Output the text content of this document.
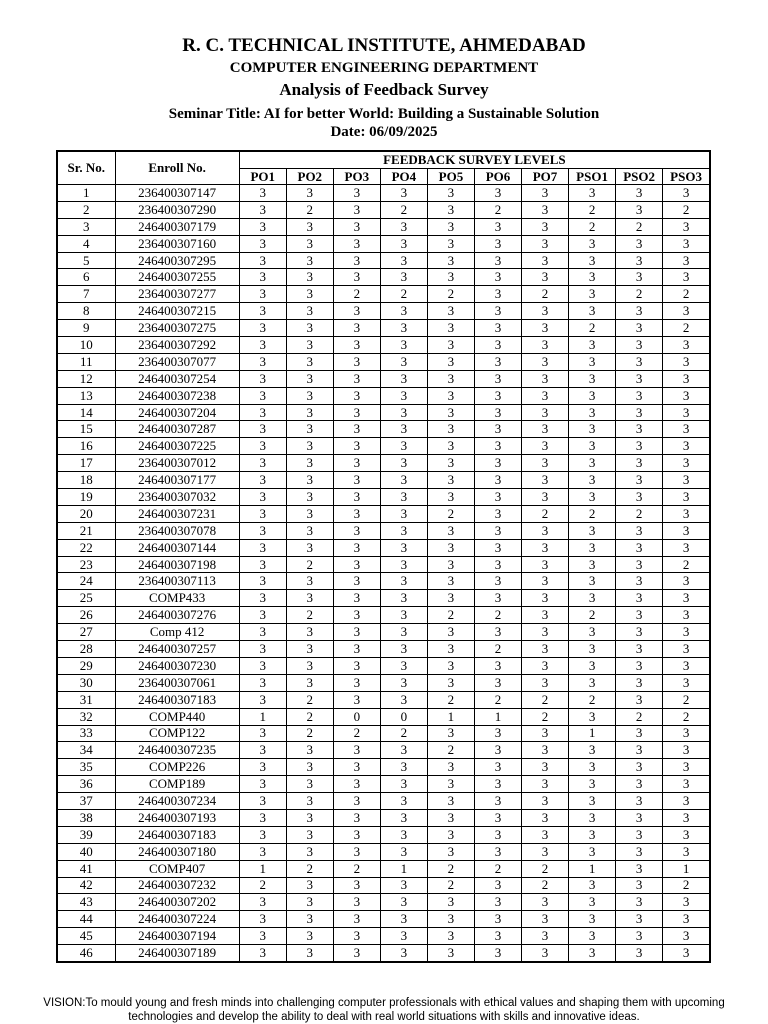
R. C. TECHNICAL INSTITUTE, AHMEDABAD
COMPUTER ENGINEERING DEPARTMENT
Analysis of Feedback Survey
Seminar Title: AI for better World: Building a Sustainable Solution
Date: 06/09/2025
Sr. No.	Enroll No.	FEEDBACK SURVEY LEVELS									
		PO1	PO2	PO3	PO4	PO5	PO6	PO7	PSO1	PSO2	PSO3
1	236400307147	3	3	3	3	3	3	3	3	3	3
2	236400307290	3	2	3	2	3	2	3	2	3	2
3	246400307179	3	3	3	3	3	3	3	2	2	3
4	236400307160	3	3	3	3	3	3	3	3	3	3
5	246400307295	3	3	3	3	3	3	3	3	3	3
6	246400307255	3	3	3	3	3	3	3	3	3	3
7	236400307277	3	3	2	2	2	3	2	3	2	2
8	246400307215	3	3	3	3	3	3	3	3	3	3
9	236400307275	3	3	3	3	3	3	3	2	3	2
10	236400307292	3	3	3	3	3	3	3	3	3	3
11	236400307077	3	3	3	3	3	3	3	3	3	3
12	246400307254	3	3	3	3	3	3	3	3	3	3
13	246400307238	3	3	3	3	3	3	3	3	3	3
14	246400307204	3	3	3	3	3	3	3	3	3	3
15	246400307287	3	3	3	3	3	3	3	3	3	3
16	246400307225	3	3	3	3	3	3	3	3	3	3
17	236400307012	3	3	3	3	3	3	3	3	3	3
18	246400307177	3	3	3	3	3	3	3	3	3	3
19	236400307032	3	3	3	3	3	3	3	3	3	3
20	246400307231	3	3	3	3	2	3	2	2	2	3
21	236400307078	3	3	3	3	3	3	3	3	3	3
22	246400307144	3	3	3	3	3	3	3	3	3	3
23	246400307198	3	2	3	3	3	3	3	3	3	2
24	236400307113	3	3	3	3	3	3	3	3	3	3
25	COMP433	3	3	3	3	3	3	3	3	3	3
26	246400307276	3	2	3	3	2	2	3	2	3	3
27	Comp 412	3	3	3	3	3	3	3	3	3	3
28	246400307257	3	3	3	3	3	2	3	3	3	3
29	246400307230	3	3	3	3	3	3	3	3	3	3
30	236400307061	3	3	3	3	3	3	3	3	3	3
31	246400307183	3	2	3	3	2	2	2	2	3	2
32	COMP440	1	2	0	0	1	1	2	3	2	2
33	COMP122	3	2	2	2	3	3	3	1	3	3
34	246400307235	3	3	3	3	2	3	3	3	3	3
35	COMP226	3	3	3	3	3	3	3	3	3	3
36	COMP189	3	3	3	3	3	3	3	3	3	3
37	246400307234	3	3	3	3	3	3	3	3	3	3
38	246400307193	3	3	3	3	3	3	3	3	3	3
39	246400307183	3	3	3	3	3	3	3	3	3	3
40	246400307180	3	3	3	3	3	3	3	3	3	3
41	COMP407	1	2	2	1	2	2	2	1	3	1
42	246400307232	2	3	3	3	2	3	2	3	3	2
43	246400307202	3	3	3	3	3	3	3	3	3	3
44	246400307224	3	3	3	3	3	3	3	3	3	3
45	246400307194	3	3	3	3	3	3	3	3	3	3
46	246400307189	3	3	3	3	3	3	3	3	3	3
VISION:To mould young and fresh minds into challenging computer professionals with ethical values and shaping them with upcoming technologies and develop the ability to deal with real world situations with skills and innovative ideas.
